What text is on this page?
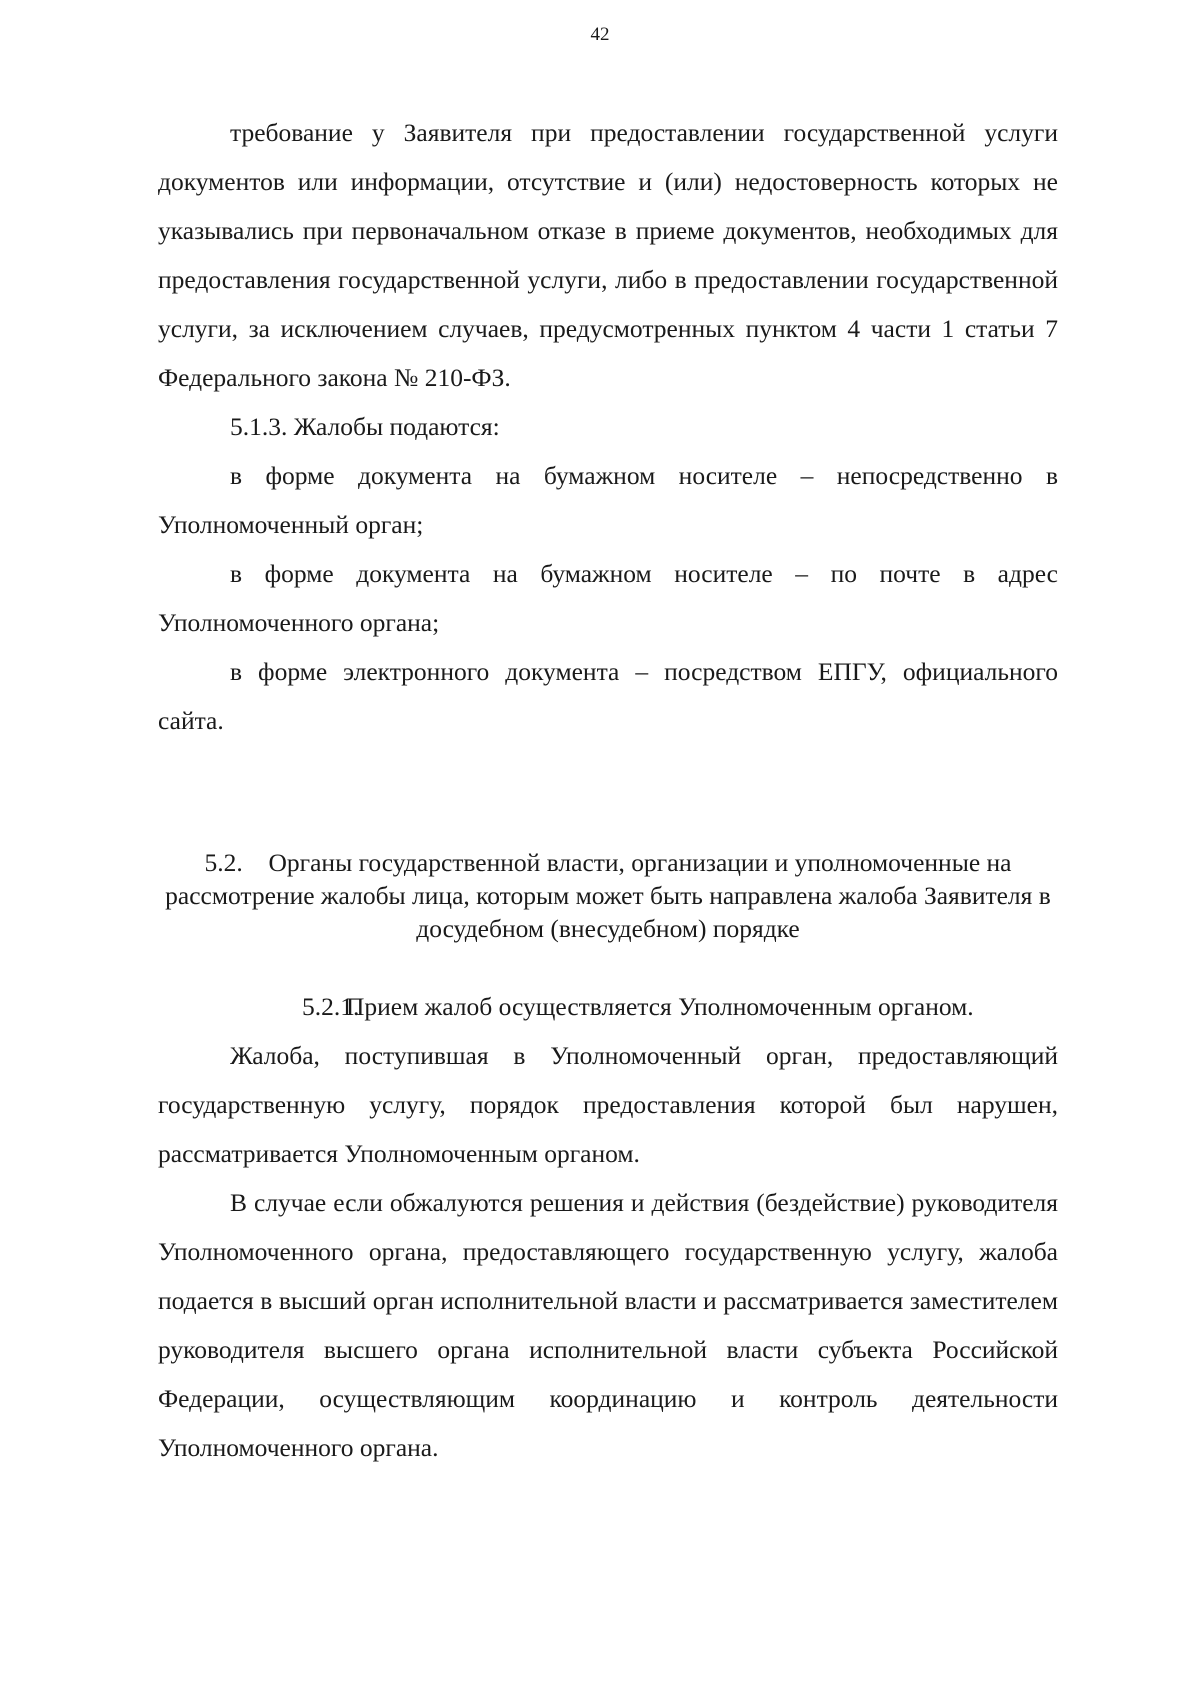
42

требование у Заявителя при предоставлении государственной услуги документов или информации, отсутствие и (или) недостоверность которых не указывались при первоначальном отказе в приеме документов, необходимых для предоставления государственной услуги, либо в предоставлении государственной услуги, за исключением случаев, предусмотренных пунктом 4 части 1 статьи 7 Федерального закона № 210-ФЗ.

5.1.3. Жалобы подаются:

в форме документа на бумажном носителе – непосредственно в Уполномоченный орган;

в форме документа на бумажном носителе – по почте в адрес Уполномоченного органа;

в форме электронного документа – посредством ЕПГУ, официального сайта.

5.2. Органы государственной власти, организации и уполномоченные на рассмотрение жалобы лица, которым может быть направлена жалоба Заявителя в досудебном (внесудебном) порядке

5.2.1.Прием жалоб осуществляется Уполномоченным органом.

Жалоба, поступившая в Уполномоченный орган, предоставляющий государственную услугу, порядок предоставления которой был нарушен, рассматривается Уполномоченным органом.

В случае если обжалуются решения и действия (бездействие) руководителя Уполномоченного органа, предоставляющего государственную услугу, жалоба подается в высший орган исполнительной власти и рассматривается заместителем руководителя высшего органа исполнительной власти субъекта Российской Федерации, осуществляющим координацию и контроль деятельности Уполномоченного органа.
